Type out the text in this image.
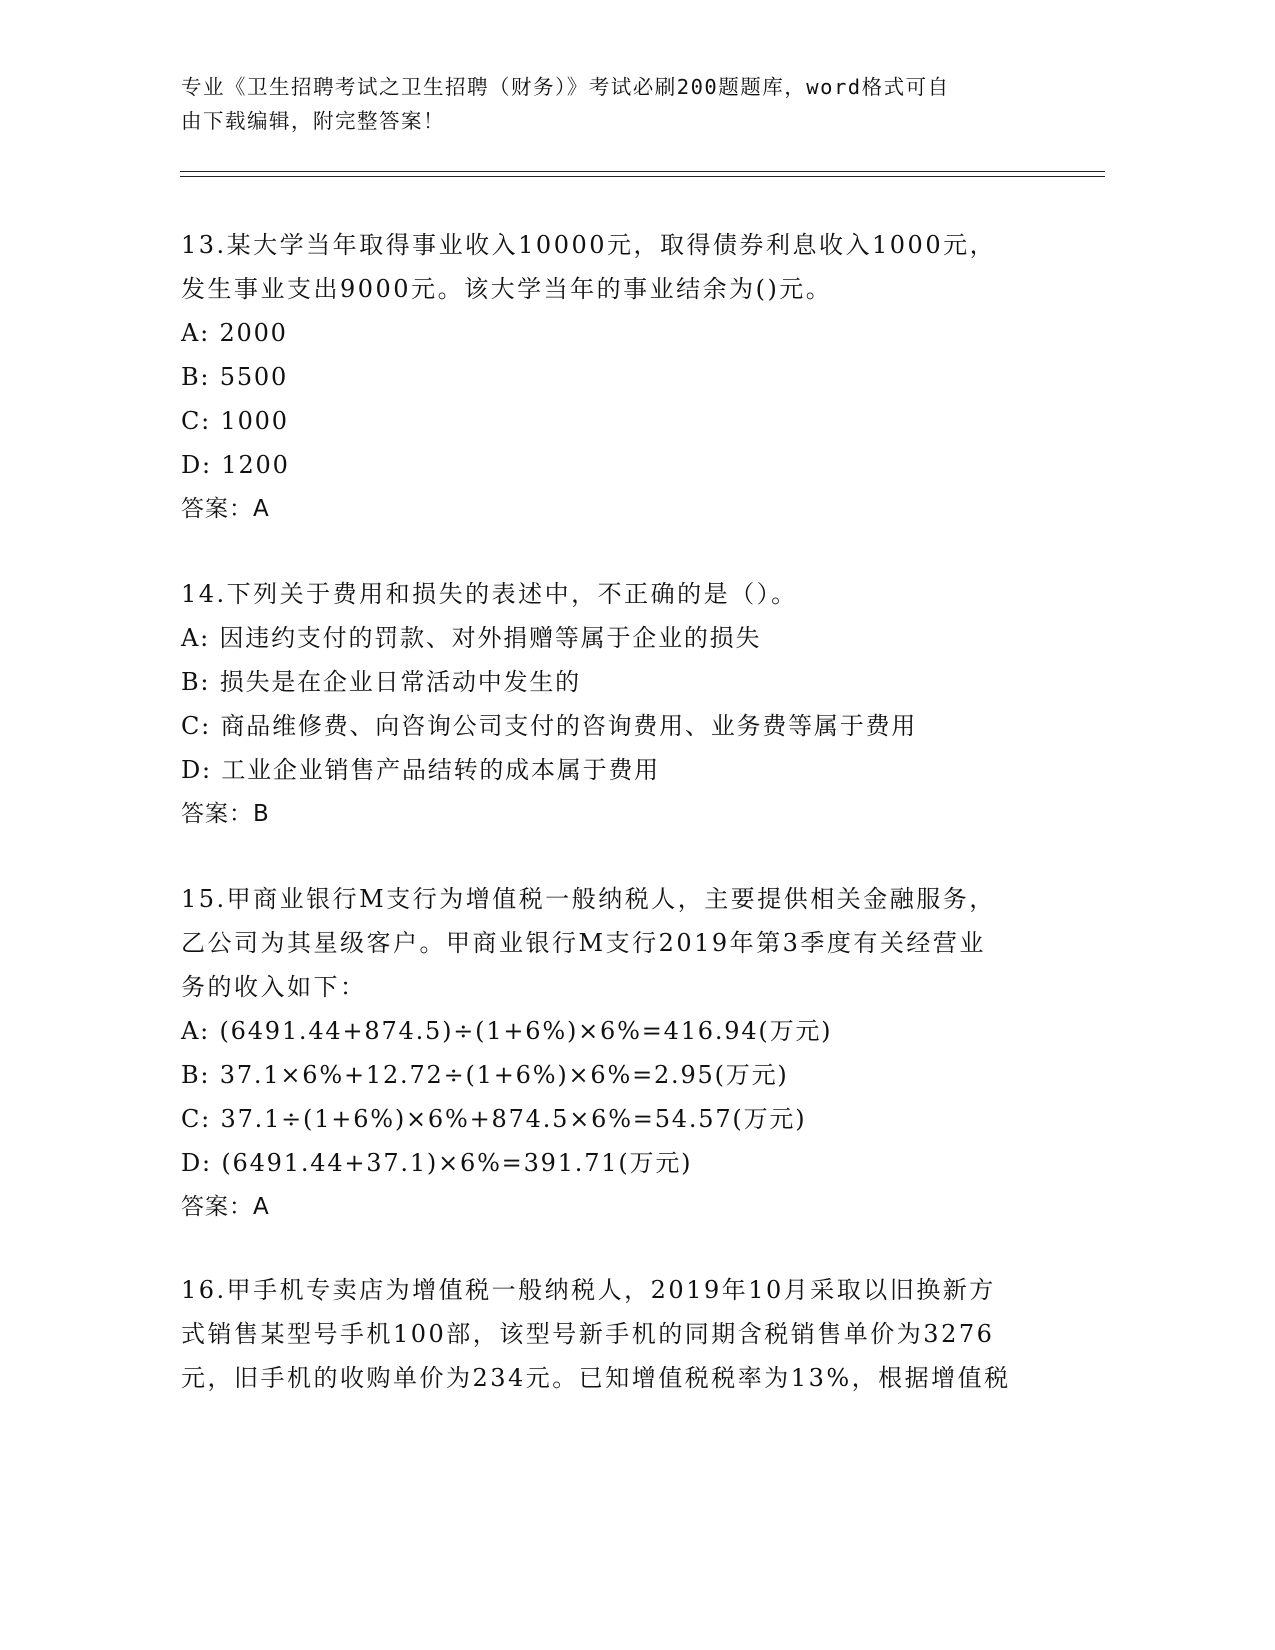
专业《卫生招聘考试之卫生招聘（财务）》考试必刷200题题库，word格式可自
由下载编辑，附完整答案！

13.某大学当年取得事业收入10000元，取得债券利息收入1000元，

发生事业支出9000元。该大学当年的事业结余为()元。

A: 2000

B: 5500

C: 1000

D: 1200

答案：A

14.下列关于费用和损失的表述中，不正确的是（）。

A: 因违约支付的罚款、对外捐赠等属于企业的损失

B: 损失是在企业日常活动中发生的

C: 商品维修费、向咨询公司支付的咨询费用、业务费等属于费用

D: 工业企业销售产品结转的成本属于费用

答案：B

15.甲商业银行M支行为增值税一般纳税人，主要提供相关金融服务，

乙公司为其星级客户。甲商业银行M支行2019年第3季度有关经营业

务的收入如下：

A: (6491.44+874.5)÷(1+6%)×6%=416.94(万元)

B: 37.1×6%+12.72÷(1+6%)×6%=2.95(万元)

C: 37.1÷(1+6%)×6%+874.5×6%=54.57(万元)

D: (6491.44+37.1)×6%=391.71(万元)

答案：A

16.甲手机专卖店为增值税一般纳税人，2019年10月采取以旧换新方

式销售某型号手机100部，该型号新手机的同期含税销售单价为3276

元，旧手机的收购单价为234元。已知增值税税率为13%，根据增值税
